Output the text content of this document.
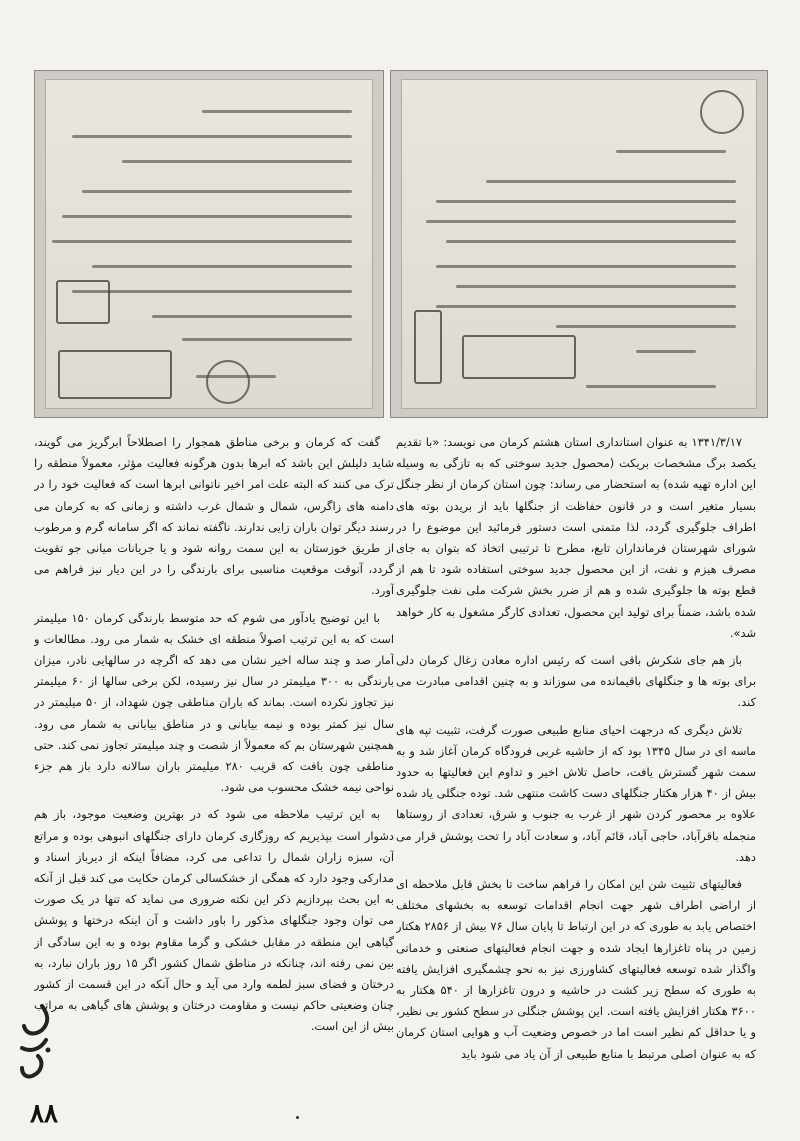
۱۳۴۱/۳/۱۷ به عنوان استانداری استان هشتم کرمان می نویسد: «با تقدیم یکصد برگ مشخصات بریکت (محصول جدید سوختی که به تازگی به وسیله این اداره تهیه شده) به استحضار می رساند: چون استان کرمان از نظر جنگل بسیار متغیر است و در قانون حفاظت از جنگلها باید از بریدن بوته های اطراف جلوگیری گردد، لذا متمنی است دستور فرمائید این موضوع را در شورای شهرستان فرمانداران تابع، مطرح تا ترتیبی اتخاذ که بتوان به جای مصرف هیزم و نفت، از این محصول جدید سوختی استفاده شود تا هم از قطع بوته ها جلوگیری شده و هم از ضرر بخش شرکت ملی نفت جلوگیری شده باشد، ضمناً برای تولید این محصول، تعدادی کارگر مشغول به کار خواهد شد».

باز هم جای شکرش باقی است که رئیس اداره معادن زغال کرمان دلی برای بوته ها و جنگلهای باقیمانده می سوزاند و به چنین اقدامی مبادرت می کند.

تلاش دیگری که درجهت احیای منابع طبیعی صورت گرفت، تثبیت تپه های ماسه ای در سال ۱۳۴۵ بود که از حاشیه غربی فرودگاه کرمان آغاز شد و به سمت شهر گسترش یافت، حاصل تلاش اخیر و تداوم این فعالیتها به حدود بیش از ۴۰ هزار هکتار جنگلهای دست کاشت منتهی شد. توده جنگلی یاد شده علاوه بر محصور کردن شهر از غرب به جنوب و شرق، تعدادی از روستاها منجمله باقرآباد، حاجی آباد، قائم آباد، و سعادت آباد را تحت پوشش قرار می دهد.

فعالیتهای تثبیت شن این امکان را فراهم ساخت تا بخش قابل ملاحظه ای از اراضی اطراف شهر جهت انجام اقدامات توسعه به بخشهای مختلف اختصاص یابد به طوری که در این ارتباط تا پایان سال ۷۶ بیش از ۲۸۵۶ هکتار زمین در پناه تاغزارها ایجاد شده و جهت انجام فعالیتهای صنعتی و خدماتی واگذار شده توسعه فعالیتهای کشاورزی نیز به نحو چشمگیری افزایش یافته به طوری که سطح زیر کشت در حاشیه و درون تاغزارها از ۵۴۰ هکتار به ۳۶۰۰ هکتار افزایش یافته است. این پوشش جنگلی در سطح کشور بی نظیر، و یا حداقل کم نظیر است اما در خصوص وضعیت آب و هوایی استان کرمان که به عنوان اصلی مرتبط با منابع طبیعی از آن یاد می شود باید

گفت که کرمان و برخی مناطق همجوار را اصطلاحاً ابرگریز می گویند، شاید دلیلش این باشد که ابرها بدون هرگونه فعالیت مؤثر، معمولاً منطقه را ترک می کنند که البته علت امر اخیر ناتوانی ابرها است که فعالیت خود را در دامنه های زاگرس، شمال و شمال غرب داشته و زمانی که به کرمان می رسند دیگر توان باران زایی ندارند. ناگفته نماند که اگر سامانه گرم و مرطوب از طریق خوزستان به این سمت روانه شود و یا جریانات میانی جو تقویت گردد، آنوقت موقعیت مناسبی برای بارندگی را در این دیار نیز فراهم می آورد.

با این توضیح یادآور می شوم که حد متوسط بارندگی کرمان ۱۵۰ میلیمتر است که به این ترتیب اصولاً منطقه ای خشک به شمار می رود. مطالعات و آمار صد و چند ساله اخیر نشان می دهد که اگرچه در سالهایی نادر، میزان بارندگی به ۳۰۰ میلیمتر در سال نیز رسیده، لکن برخی سالها از ۶۰ میلیمتر نیز تجاوز نکرده است. بماند که باران مناطقی چون شهداد، از ۵۰ میلیمتر در سال نیز کمتر بوده و نیمه بیابانی و در مناطق بیابانی به شمار می رود. همچنین شهرستان بم که معمولاً از شصت و چند میلیمتر تجاوز نمی کند. حتی مناطقی چون بافت که قریب ۲۸۰ میلیمتر باران سالانه دارد باز هم جزء نواحی نیمه خشک محسوب می شود.

به این ترتیب ملاحظه می شود که در بهترین وضعیت موجود، باز هم دشوار است بپذیریم که روزگاری کرمان دارای جنگلهای انبوهی بوده و مراتع آن، سبزه زاران شمال را تداعی می کرد، مضافاً اینکه از دیرباز اسناد و مدارکی وجود دارد که همگی از خشکسالی کرمان حکایت می کند قبل از آنکه به این بحث بپردازیم ذکر این نکته ضروری می نماید که تنها در یک صورت می توان وجود جنگلهای مذکور را باور داشت و آن اینکه درختها و پوشش گیاهی این منطقه در مقابل خشکی و گرما مقاوم بوده و به این سادگی از بین نمی رفته اند، چنانکه در مناطق شمال کشور اگر ۱۵ روز باران نبارد، به درختان و فضای سبز لطمه وارد می آید و حال آنکه در این قسمت از کشور چنان وضعیتی حاکم نیست و مقاومت درختان و پوشش های گیاهی به مراتب بیش از این است.

۸۸
